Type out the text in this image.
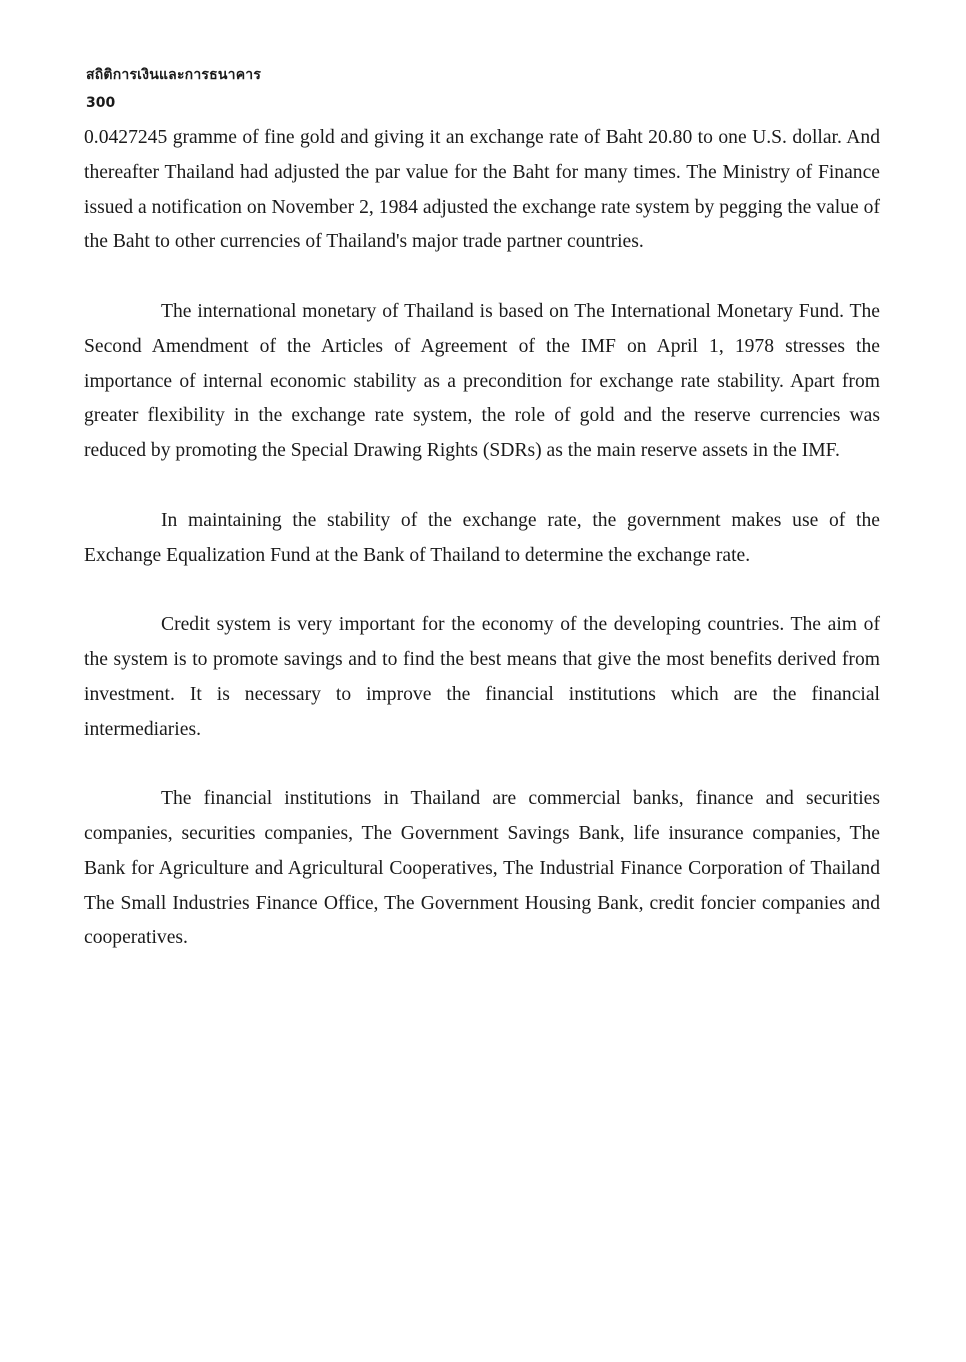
สถิติการเงินและการธนาคาร
300

0.0427245 gramme of fine gold and giving it an exchange rate of Baht 20.80 to one U.S. dollar. And thereafter Thailand had adjusted the par value for the Baht for many times. The Ministry of Finance issued a notification on November 2, 1984 adjusted the exchange rate system by pegging the value of the Baht to other currencies of Thailand's major trade partner countries.

The international monetary of Thailand is based on The International Monetary Fund. The Second Amendment of the Articles of Agreement of the IMF on April 1, 1978 stresses the importance of internal economic stability as a precondition for exchange rate stability. Apart from greater flexibility in the exchange rate system, the role of gold and the reserve currencies was reduced by promoting the Special Drawing Rights (SDRs) as the main reserve assets in the IMF.

In maintaining the stability of the exchange rate, the government makes use of the Exchange Equalization Fund at the Bank of Thailand to determine the exchange rate.

Credit system is very important for the economy of the developing countries. The aim of the system is to promote savings and to find the best means that give the most benefits derived from investment. It is necessary to improve the financial institutions which are the financial intermediaries.

The financial institutions in Thailand are commercial banks, finance and securities companies, securities companies, The Government Savings Bank, life insurance companies, The Bank for Agriculture and Agricultural Cooperatives, The Industrial Finance Corporation of Thailand The Small Industries Finance Office, The Government Housing Bank, credit foncier companies and cooperatives.
